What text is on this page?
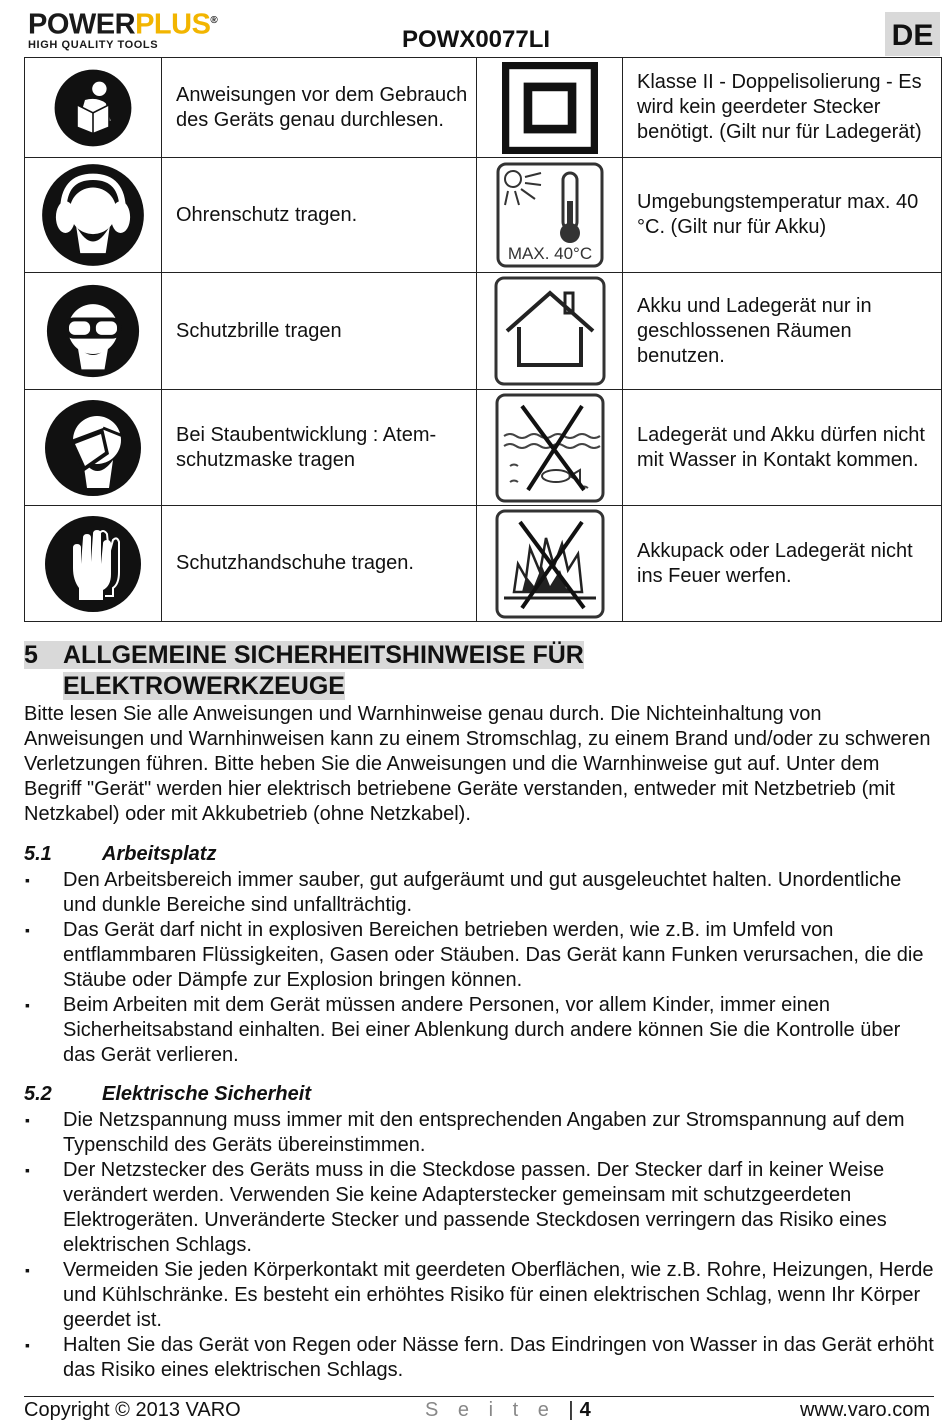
POWERPLUS®
HIGH QUALITY TOOLS	POWX0077LI	DE
	Anweisungen vor dem Gebrauch des Geräts genau durchlesen.		Klasse II - Doppelisolierung - Es wird kein geerdeter Stecker benötigt. (Gilt nur für Ladegerät)

	Ohrenschutz tragen.	MAX. 40°C	Umgebungstemperatur max. 40 °C. (Gilt nur für Akku)

	Schutzbrille tragen		Akku und Ladegerät nur in geschlossenen Räumen benutzen.

	Bei Staubentwicklung : Atem-schutzmaske tragen		Ladegerät und Akku dürfen nicht mit Wasser in Kontakt kommen.

	Schutzhandschuhe tragen.		Akkupack oder Ladegerät nicht ins Feuer werfen.
5 ALLGEMEINE SICHERHEITSHINWEISE FÜR
ELEKTROWERKZEUGE
Bitte lesen Sie alle Anweisungen und Warnhinweise genau durch. Die Nichteinhaltung von Anweisungen und Warnhinweisen kann zu einem Stromschlag, zu einem Brand und/oder zu schweren Verletzungen führen. Bitte heben Sie die Anweisungen und die Warnhinweise gut auf. Unter dem Begriff "Gerät" werden hier elektrisch betriebene Geräte verstanden, entweder mit Netzbetrieb (mit Netzkabel) oder mit Akkubetrieb (ohne Netzkabel).
5.1	Arbeitsplatz
▪ Den Arbeitsbereich immer sauber, gut aufgeräumt und gut ausgeleuchtet halten. Unordentliche und dunkle Bereiche sind unfallträchtig.
▪ Das Gerät darf nicht in explosiven Bereichen betrieben werden, wie z.B. im Umfeld von entflammbaren Flüssigkeiten, Gasen oder Stäuben. Das Gerät kann Funken verursachen, die die Stäube oder Dämpfe zur Explosion bringen können.
▪ Beim Arbeiten mit dem Gerät müssen andere Personen, vor allem Kinder, immer einen Sicherheitsabstand einhalten. Bei einer Ablenkung durch andere können Sie die Kontrolle über das Gerät verlieren.
5.2	Elektrische Sicherheit
▪ Die Netzspannung muss immer mit den entsprechenden Angaben zur Stromspannung auf dem Typenschild des Geräts übereinstimmen.
▪ Der Netzstecker des Geräts muss in die Steckdose passen. Der Stecker darf in keiner Weise verändert werden. Verwenden Sie keine Adapterstecker gemeinsam mit schutzgeerdeten Elektrogeräten. Unveränderte Stecker und passende Steckdosen verringern das Risiko eines elektrischen Schlags.
▪ Vermeiden Sie jeden Körperkontakt mit geerdeten Oberflächen, wie z.B. Rohre, Heizungen, Herde und Kühlschränke. Es besteht ein erhöhtes Risiko für einen elektrischen Schlag, wenn Ihr Körper geerdet ist.
▪ Halten Sie das Gerät von Regen oder Nässe fern. Das Eindringen von Wasser in das Gerät erhöht das Risiko eines elektrischen Schlags.
Copyright © 2013 VARO	S e i t e | 4	www.varo.com
